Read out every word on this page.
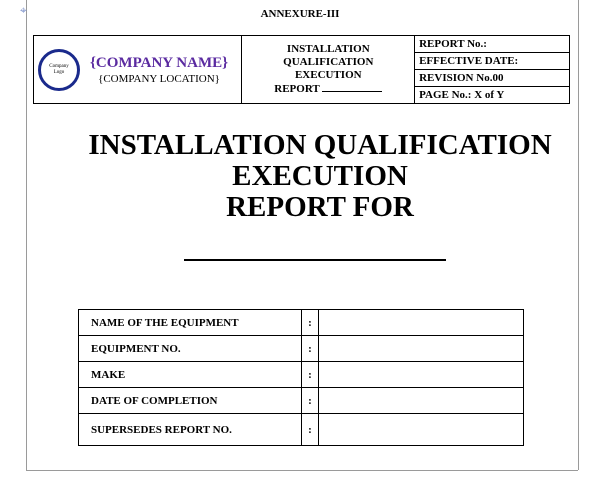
⌖	ANNEXURE-III
Company
Logo
{COMPANY NAME}
{COMPANY LOCATION}

INSTALLATION
QUALIFICATION
EXECUTION
REPORT

REPORT No.:
EFFECTIVE DATE:
REVISION No.00
PAGE No.: X of Y
INSTALLATION QUALIFICATION
EXECUTION
REPORT FOR
NAME OF THE EQUIPMENT	:	
EQUIPMENT NO.	:	
MAKE	:	
DATE OF COMPLETION	:	
SUPERSEDES REPORT NO.	:	
